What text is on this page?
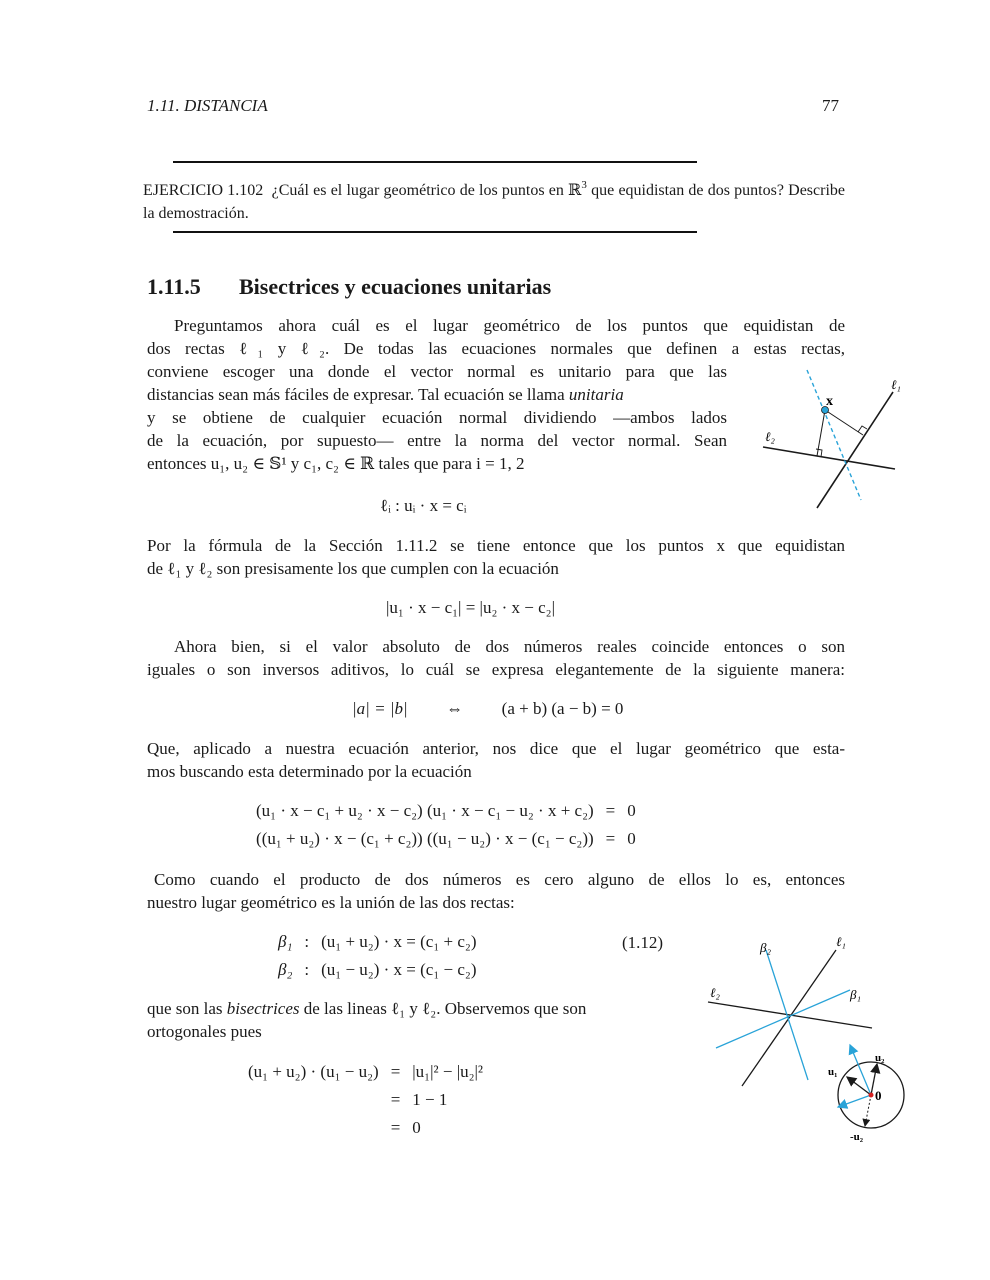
1.11. DISTANCIA	77
EJERCICIO 1.102 ¿Cuál es el lugar geométrico de los puntos en ℝ$^3$ que equidistan de dos puntos? Describe la demostración.
1.11.5 Bisectrices y ecuaciones unitarias
Preguntamos ahora cuál es el lugar geométrico de los puntos que equidistan de
dos rectas ℓ₁ y ℓ₂. De todas las ecuaciones normales que definen a estas rectas,
conviene escoger una donde el vector normal es unitario para que las
distancias sean más fáciles de expresar. Tal ecuación se llama unitaria
y se obtiene de cualquier ecuación normal dividiendo —ambos lados
de la ecuación, por supuesto— entre la norma del vector normal. Sean
entonces u₁, u₂ ∈ 𝕊¹ y c₁, c₂ ∈ ℝ tales que para i = 1, 2
x
ℓ₁
ℓ₂
ℓᵢ : uᵢ · x = cᵢ
Por la fórmula de la Sección 1.11.2 se tiene entonce que los puntos x que equidistan
de ℓ₁ y ℓ₂ son presisamente los que cumplen con la ecuación
|u₁ · x − c₁| = |u₂ · x − c₂|
Ahora bien, si el valor absoluto de dos números reales coincide entonces o son
iguales o son inversos aditivos, lo cuál se expresa elegantemente de la siguiente manera:
|a| = |b| ⇔ (a + b) (a − b) = 0
Que, aplicado a nuestra ecuación anterior, nos dice que el lugar geométrico que esta-
mos buscando esta determinado por la ecuación
(u₁ · x − c₁ + u₂ · x − c₂) (u₁ · x − c₁ − u₂ · x + c₂)	=	0
((u₁ + u₂) · x − (c₁ + c₂)) ((u₁ − u₂) · x − (c₁ − c₂))	=	0
Como cuando el producto de dos números es cero alguno de ellos lo es, entonces
nuestro lugar geométrico es la unión de las dos rectas:
β₁	:	(u₁ + u₂) · x = (c₁ + c₂)
β₂	:	(u₁ − u₂) · x = (c₁ − c₂)
(1.12)
que son las bisectrices de las lineas ℓ₁ y ℓ₂. Observemos que son
ortogonales pues
(u₁ + u₂) · (u₁ − u₂)	=	|u₁|² − |u₂|²
	=	1 − 1
	=	0
ℓ₁
ℓ₂	β₁
β₂
u₁
u₂
-u₂
0
